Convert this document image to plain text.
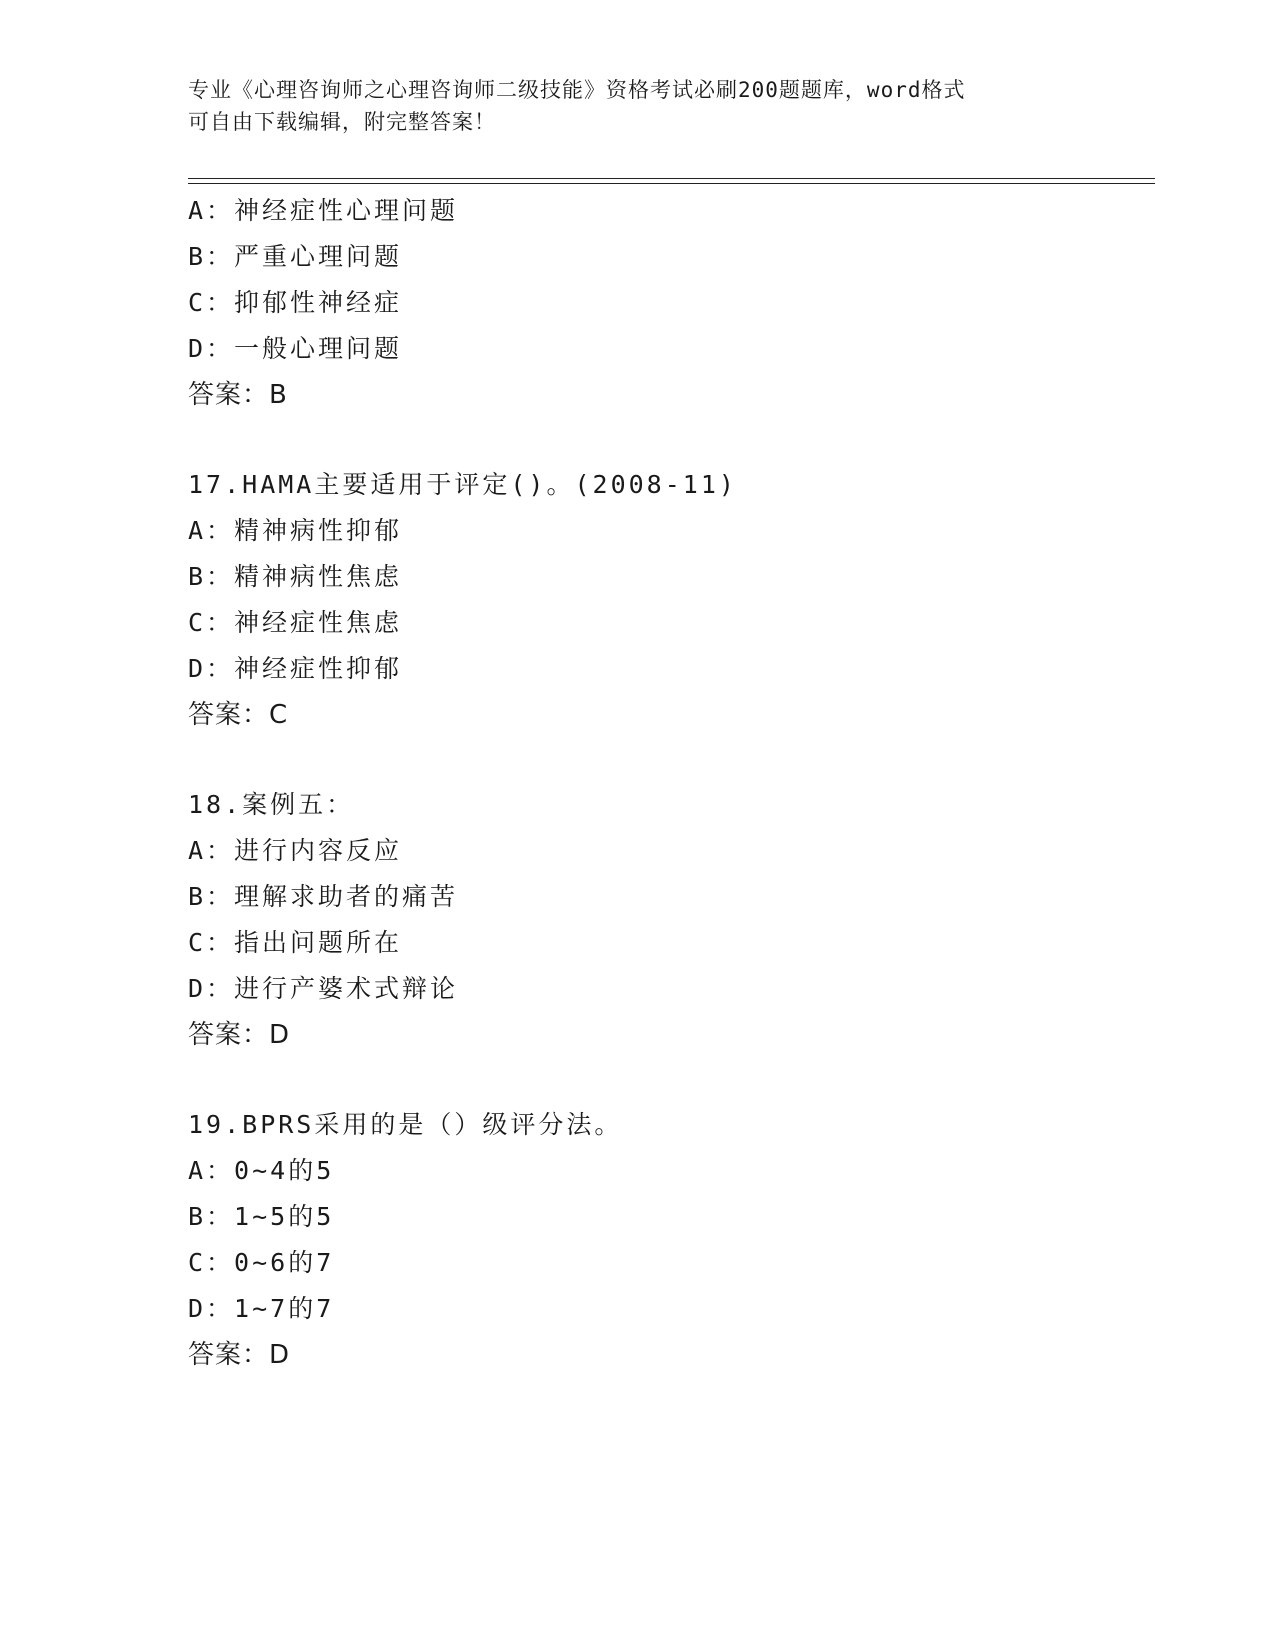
专业《心理咨询师之心理咨询师二级技能》资格考试必刷200题题库，word格式
可自由下载编辑，附完整答案！
A：神经症性心理问题
B：严重心理问题
C：抑郁性神经症
D：一般心理问题
答案：B
17.HAMA主要适用于评定()。(2008-11)
A：精神病性抑郁
B：精神病性焦虑
C：神经症性焦虑
D：神经症性抑郁
答案：C
18.案例五：
A：进行内容反应
B：理解求助者的痛苦
C：指出问题所在
D：进行产婆术式辩论
答案：D
19.BPRS采用的是（）级评分法。
A：0~4的5
B：1~5的5
C：0~6的7
D：1~7的7
答案：D
